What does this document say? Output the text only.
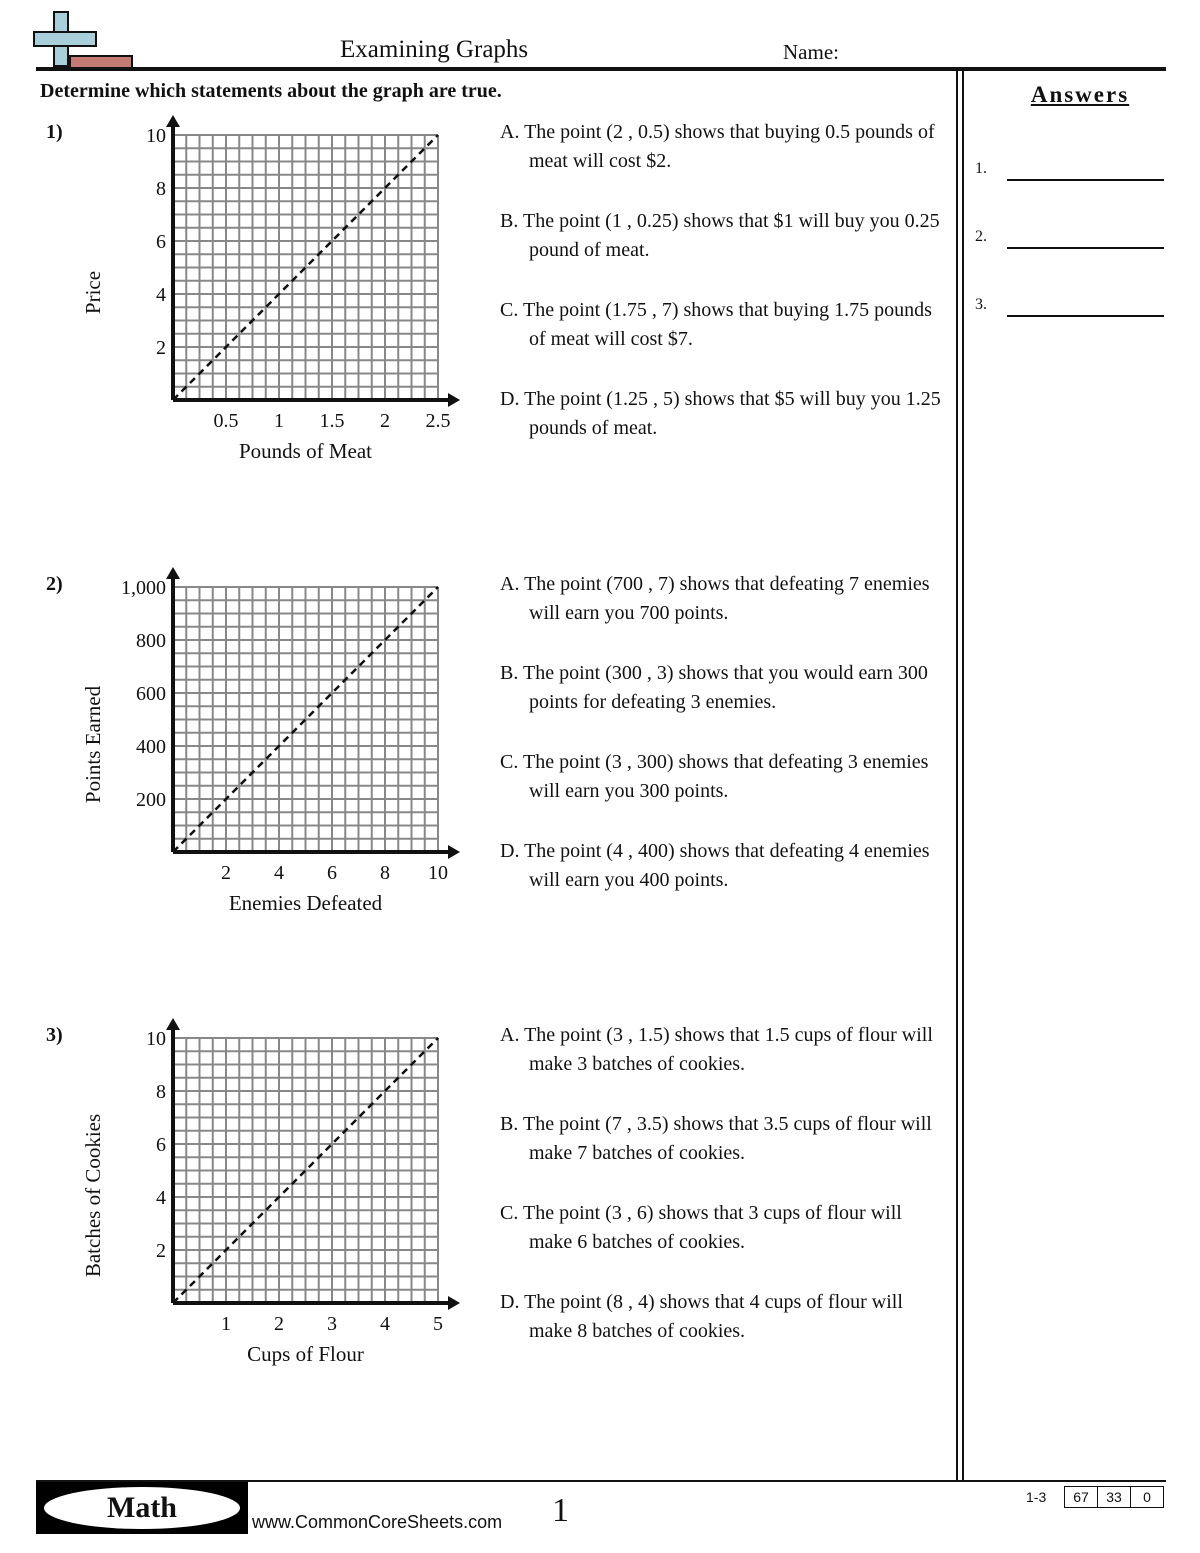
Examining Graphs	Name:
Determine which statements about the graph are true.	Answers
1.
2.
3.
1)
0.5 1 1.5 2 2.5
2
4
6
8
10
Pounds of Meat
Price
A. The point (2 , 0.5) shows that buying 0.5 pounds of meat will cost $2.
B. The point (1 , 0.25) shows that $1 will buy you 0.25 pound of meat.
C. The point (1.75 , 7) shows that buying 1.75 pounds of meat will cost $7.
D. The point (1.25 , 5) shows that $5 will buy you 1.25 pounds of meat.
2)
2 4 6 8 10
200
400
600
800
1,000
Enemies Defeated
Points Earned
A. The point (700 , 7) shows that defeating 7 enemies will earn you 700 points.
B. The point (300 , 3) shows that you would earn 300 points for defeating 3 enemies.
C. The point (3 , 300) shows that defeating 3 enemies will earn you 300 points.
D. The point (4 , 400) shows that defeating 4 enemies will earn you 400 points.
3)
1 2 3 4 5
2
4
6
8
10
Cups of Flour
Batches of Cookies
A. The point (3 , 1.5) shows that 1.5 cups of flour will make 3 batches of cookies.
B. The point (7 , 3.5) shows that 3.5 cups of flour will make 7 batches of cookies.
C. The point (3 , 6) shows that 3 cups of flour will make 6 batches of cookies.
D. The point (8 , 4) shows that 4 cups of flour will make 8 batches of cookies.
Math	www.CommonCoreSheets.com 1	1-3	67	33	0
